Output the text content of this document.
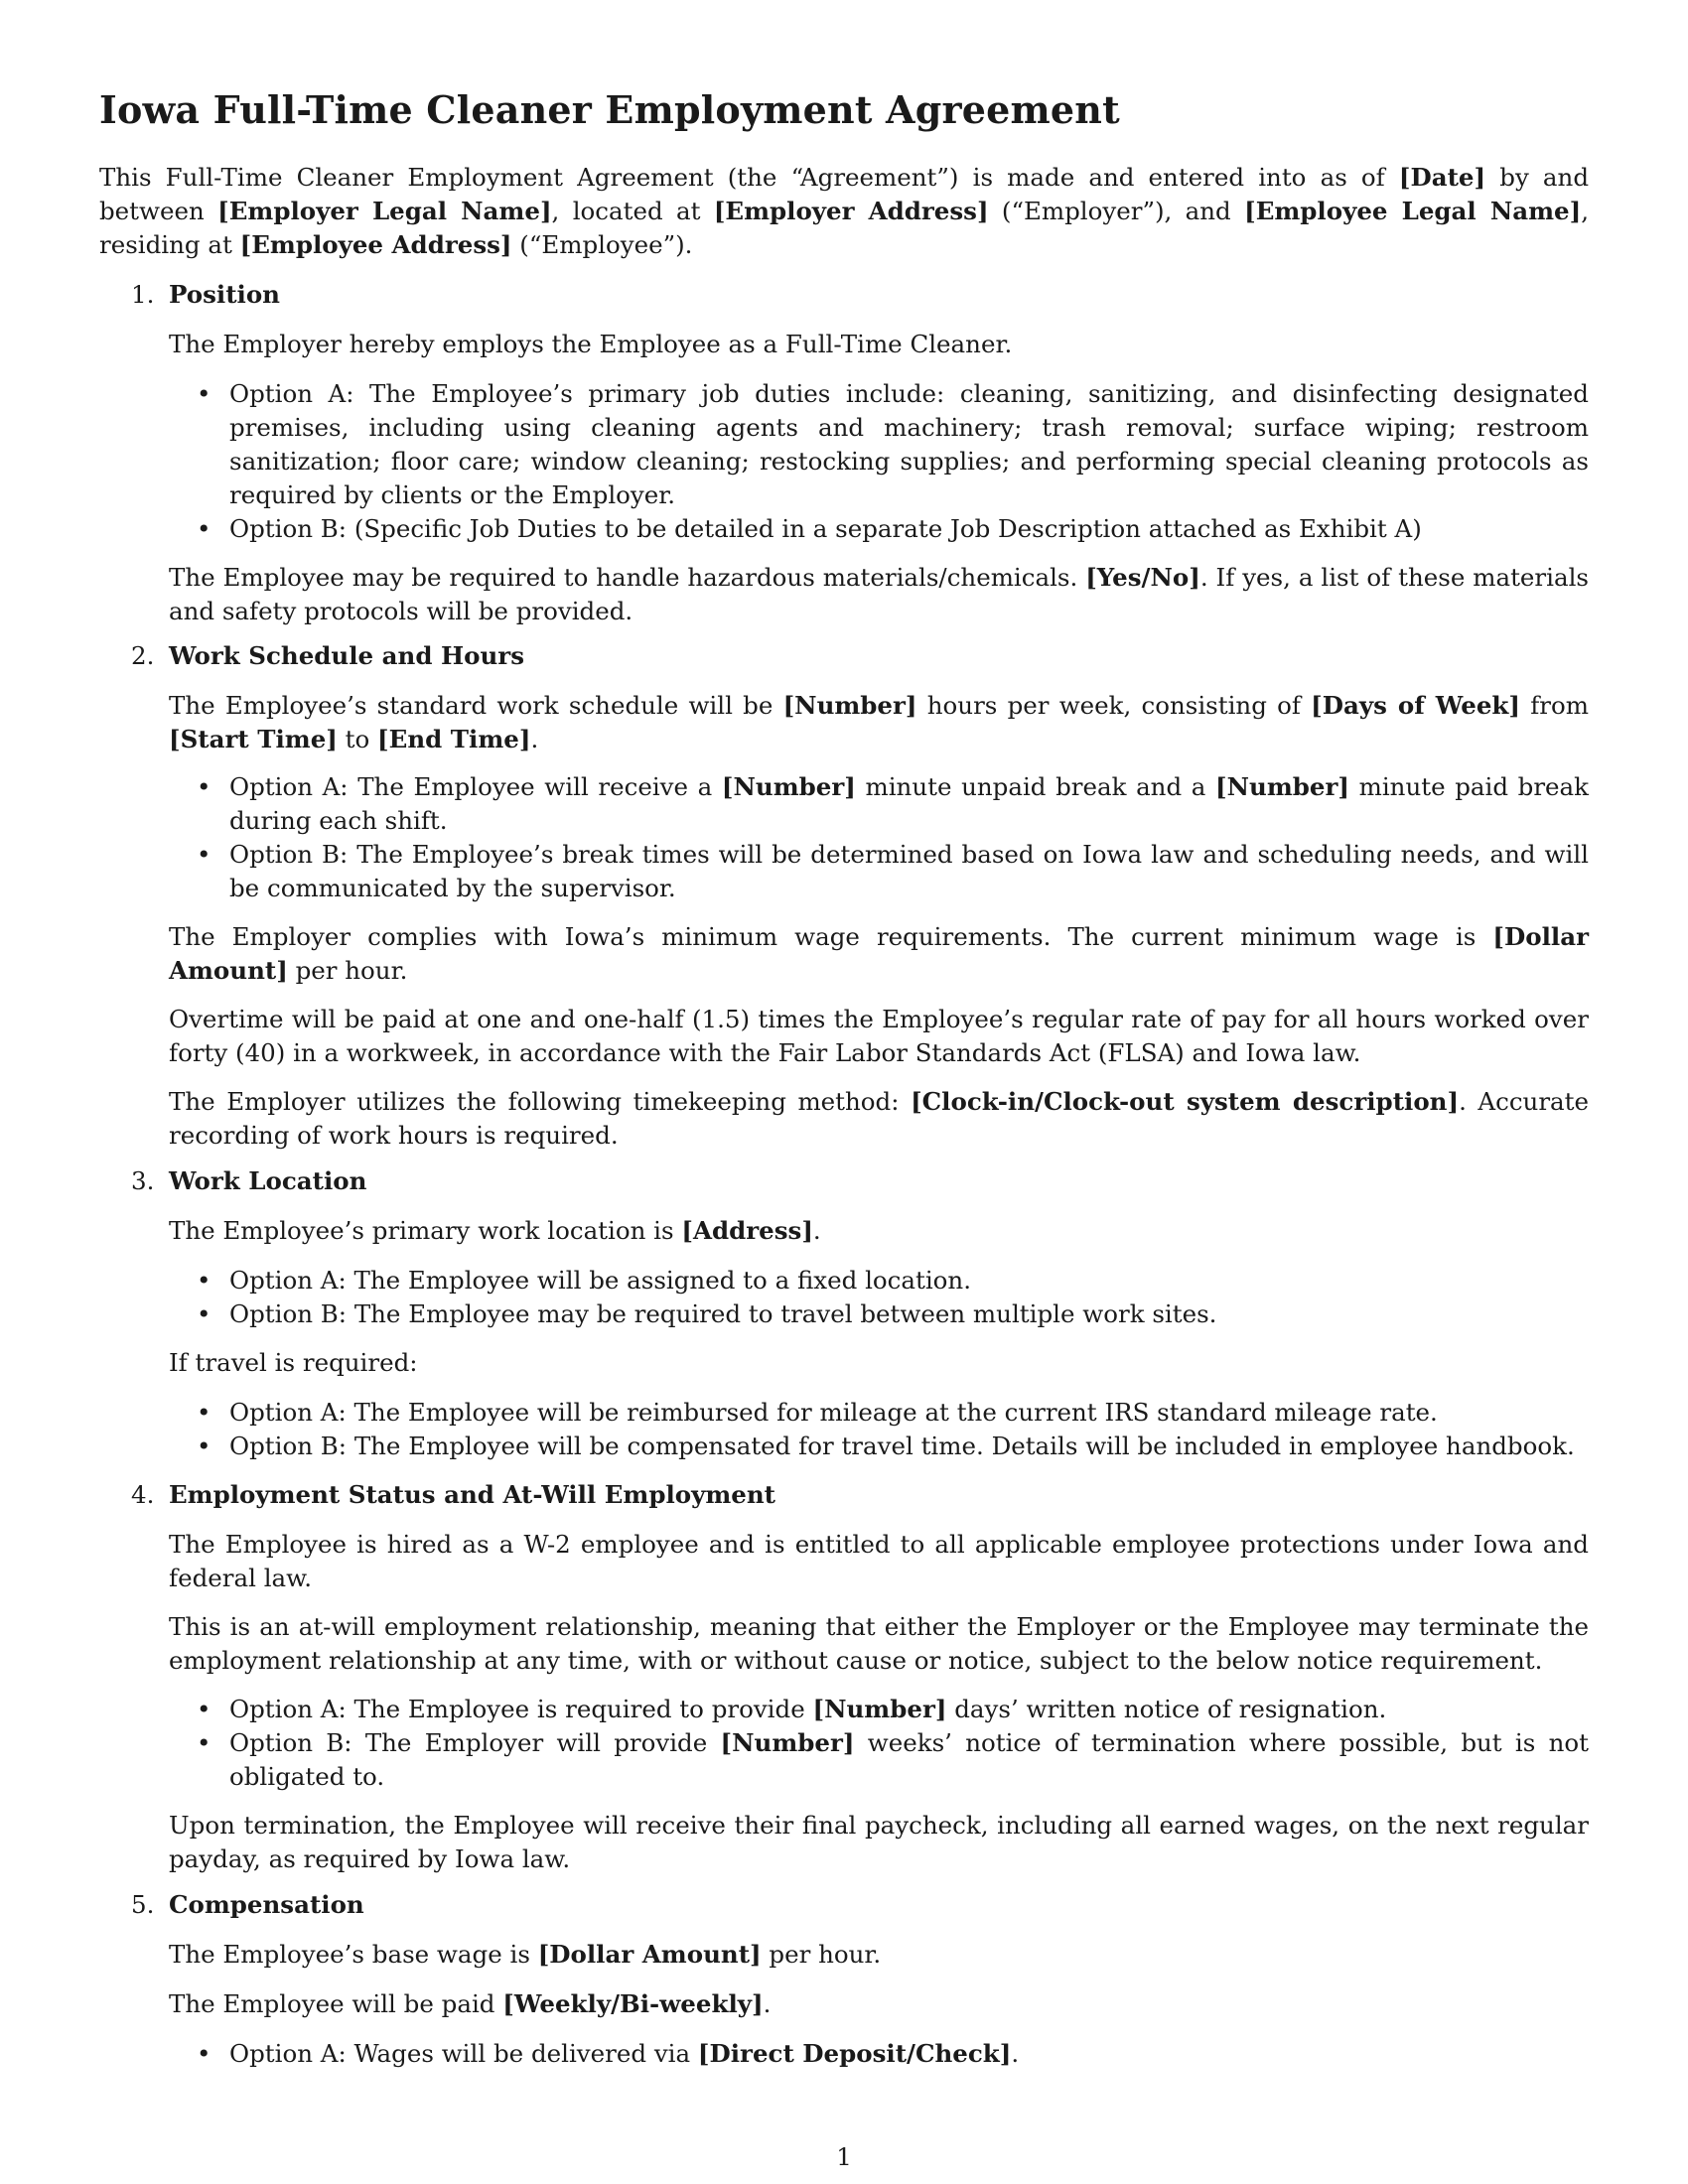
Iowa Full-Time Cleaner Employment Agreement

This Full-Time Cleaner Employment Agreement (the “Agreement”) is made and entered into as of [Date] by and between [Employer Legal Name], located at [Employer Address] (“Employer”), and [Employee Legal Name], residing at [Employee Address] (“Employee”).

1. Position

The Employer hereby employs the Employee as a Full-Time Cleaner.

• Option A: The Employee’s primary job duties include: cleaning, sanitizing, and disinfecting designated premises, including using cleaning agents and machinery; trash removal; surface wiping; restroom sanitization; floor care; window cleaning; restocking supplies; and performing special cleaning protocols as required by clients or the Employer.
• Option B: (Specific Job Duties to be detailed in a separate Job Description attached as Exhibit A)

The Employee may be required to handle hazardous materials/chemicals. [Yes/No]. If yes, a list of these materials and safety protocols will be provided.

2. Work Schedule and Hours

The Employee’s standard work schedule will be [Number] hours per week, consisting of [Days of Week] from [Start Time] to [End Time].

• Option A: The Employee will receive a [Number] minute unpaid break and a [Number] minute paid break during each shift.
• Option B: The Employee’s break times will be determined based on Iowa law and scheduling needs, and will be communicated by the supervisor.

The Employer complies with Iowa’s minimum wage requirements. The current minimum wage is [Dollar Amount] per hour.

Overtime will be paid at one and one-half (1.5) times the Employee’s regular rate of pay for all hours worked over forty (40) in a workweek, in accordance with the Fair Labor Standards Act (FLSA) and Iowa law.

The Employer utilizes the following timekeeping method: [Clock-in/Clock-out system description]. Accurate recording of work hours is required.

3. Work Location

The Employee’s primary work location is [Address].

• Option A: The Employee will be assigned to a fixed location.
• Option B: The Employee may be required to travel between multiple work sites.

If travel is required:

• Option A: The Employee will be reimbursed for mileage at the current IRS standard mileage rate.
• Option B: The Employee will be compensated for travel time. Details will be included in employee handbook.

4. Employment Status and At-Will Employment

The Employee is hired as a W-2 employee and is entitled to all applicable employee protections under Iowa and federal law.

This is an at-will employment relationship, meaning that either the Employer or the Employee may terminate the employment relationship at any time, with or without cause or notice, subject to the below notice requirement.

• Option A: The Employee is required to provide [Number] days’ written notice of resignation.
• Option B: The Employer will provide [Number] weeks’ notice of termination where possible, but is not obligated to.

Upon termination, the Employee will receive their final paycheck, including all earned wages, on the next regular payday, as required by Iowa law.

5. Compensation

The Employee’s base wage is [Dollar Amount] per hour.

The Employee will be paid [Weekly/Bi-weekly].

• Option A: Wages will be delivered via [Direct Deposit/Check].
1
